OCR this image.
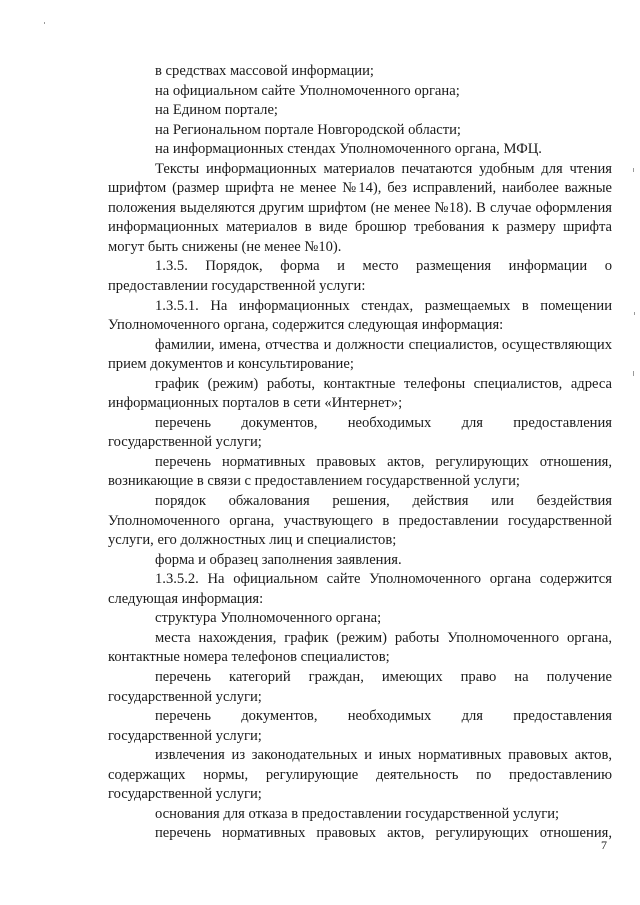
в средствах массовой информации;

на официальном сайте Уполномоченного органа;

на Едином портале;

на Региональном портале Новгородской области;

на информационных стендах Уполномоченного органа, МФЦ.

Тексты информационных материалов печатаются удобным для чтения шрифтом (размер шрифта не менее №14), без исправлений, наиболее важные положения выделяются другим шрифтом (не менее №18). В случае оформления информационных материалов в виде брошюр требования к размеру шрифта могут быть снижены (не менее №10).

1.3.5. Порядок, форма и место размещения информации о предоставлении государственной услуги:

1.3.5.1. На информационных стендах, размещаемых в помещении Уполномоченного органа, содержится следующая информация:

фамилии, имена, отчества и должности специалистов, осуществляющих прием документов и консультирование;

график (режим) работы, контактные телефоны специалистов, адреса информационных порталов в сети «Интернет»;

перечень документов, необходимых для предоставления государственной услуги;

перечень нормативных правовых актов, регулирующих отношения, возникающие в связи с предоставлением государственной услуги;

порядок обжалования решения, действия или бездействия Уполномоченного органа, участвующего в предоставлении государственной услуги, его должностных лиц и специалистов;

форма и образец заполнения заявления.

1.3.5.2. На официальном сайте Уполномоченного органа содержится следующая информация:

структура Уполномоченного органа;

места нахождения, график (режим) работы Уполномоченного органа, контактные номера телефонов специалистов;

перечень категорий граждан, имеющих право на получение государственной услуги;

перечень документов, необходимых для предоставления государственной услуги;

извлечения из законодательных и иных нормативных правовых актов, содержащих нормы, регулирующие деятельность по предоставлению государственной услуги;

основания для отказа в предоставлении государственной услуги;

перечень нормативных правовых актов, регулирующих отношения,

7
